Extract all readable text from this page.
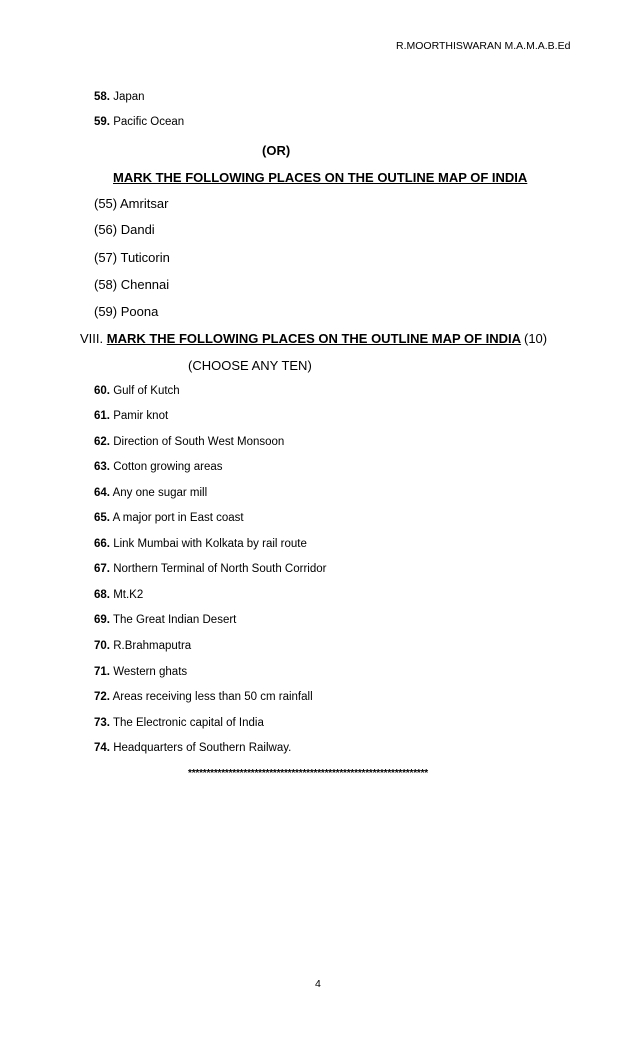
R.MOORTHISWARAN M.A.M.A.B.Ed
58. Japan
59. Pacific Ocean
(OR)
MARK THE FOLLOWING PLACES ON THE OUTLINE MAP OF INDIA
(55) Amritsar
(56) Dandi
(57) Tuticorin
(58) Chennai
(59) Poona
VIII. MARK THE FOLLOWING PLACES ON THE OUTLINE MAP OF INDIA (10)
(CHOOSE ANY TEN)
60. Gulf of Kutch
61. Pamir knot
62. Direction of South West Monsoon
63. Cotton growing areas
64. Any one sugar mill
65. A major port in East coast
66. Link Mumbai with Kolkata by rail route
67. Northern Terminal of North South Corridor
68. Mt.K2
69. The Great Indian Desert
70. R.Brahmaputra
71. Western ghats
72. Areas receiving less than 50 cm rainfall
73. The Electronic capital of India
74. Headquarters of Southern Railway.
*****************************************************************
4
